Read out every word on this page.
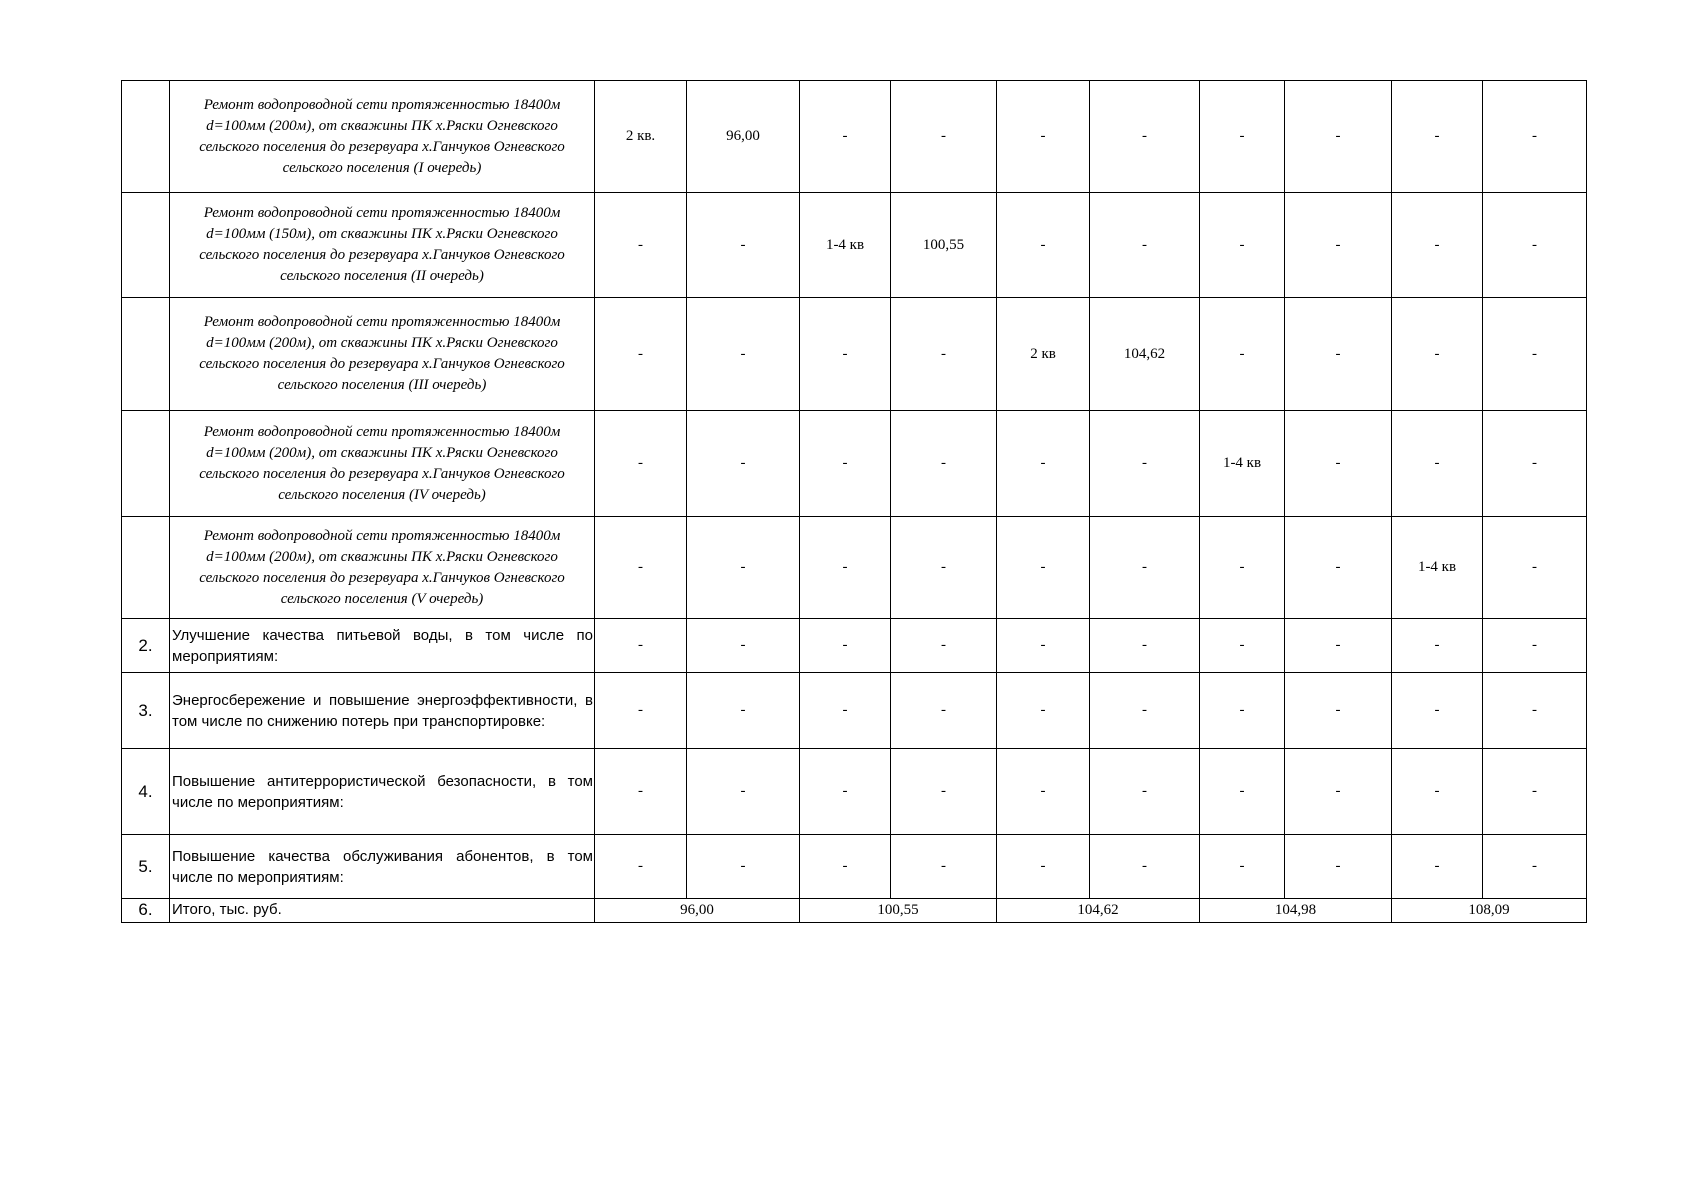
	Ремонт водопроводной сети протяженностью 18400м d=100мм (200м), от скважины ПК х.Ряски Огневского сельского поселения до резервуара х.Ганчуков Огневского сельского поселения (I очередь)	2 кв.	96,00	-	-	-	-	-	-	-	-
	Ремонт водопроводной сети протяженностью 18400м d=100мм (150м), от скважины ПК х.Ряски Огневского сельского поселения до резервуара х.Ганчуков Огневского сельского поселения (II очередь)	-	-	1-4 кв	100,55	-	-	-	-	-	-
	Ремонт водопроводной сети протяженностью 18400м d=100мм (200м), от скважины ПК х.Ряски Огневского сельского поселения до резервуара х.Ганчуков Огневского сельского поселения (III очередь)	-	-	-	-	2 кв	104,62	-	-	-	-
	Ремонт водопроводной сети протяженностью 18400м d=100мм (200м), от скважины ПК х.Ряски Огневского сельского поселения до резервуара х.Ганчуков Огневского сельского поселения (IV очередь)	-	-	-	-	-	-	1-4 кв	-	-	-
	Ремонт водопроводной сети протяженностью 18400м d=100мм (200м), от скважины ПК х.Ряски Огневского сельского поселения до резервуара х.Ганчуков Огневского сельского поселения (V очередь)	-	-	-	-	-	-	-	-	1-4 кв	-
2.	Улучшение качества питьевой воды, в том числе по мероприятиям:	-	-	-	-	-	-	-	-	-	-
3.	Энергосбережение и повышение энергоэффективности, в том числе по снижению потерь при транспортировке:	-	-	-	-	-	-	-	-	-	-
4.	Повышение антитеррористической безопасности, в том числе по мероприятиям:	-	-	-	-	-	-	-	-	-	-
5.	Повышение качества обслуживания абонентов, в том числе по мероприятиям:	-	-	-	-	-	-	-	-	-	-
6.	Итого, тыс. руб.	96,00		100,55		104,62		104,98		108,09	
